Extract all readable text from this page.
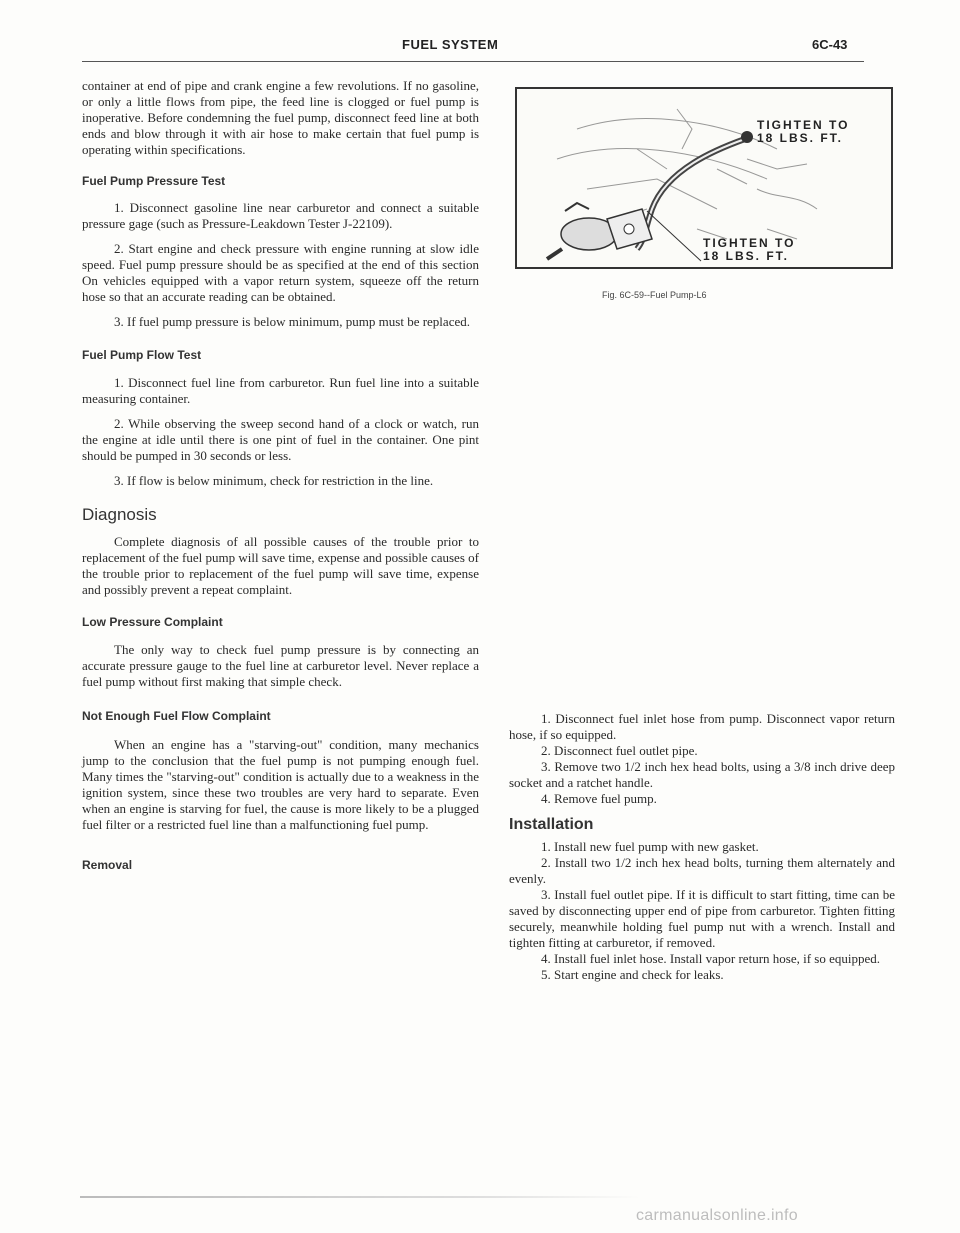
FUEL SYSTEM	6C-43

container at end of pipe and crank engine a few revolutions. If no gasoline, or only a little flows from pipe, the feed line is clogged or fuel pump is inoperative. Before condemning the fuel pump, disconnect feed line at both ends and blow through it with air hose to make certain that fuel pump is operating within specifications.

Fuel Pump Pressure Test

1. Disconnect gasoline line near carburetor and connect a suitable pressure gage (such as Pressure-Leakdown Tester J-22109).

2. Start engine and check pressure with engine running at slow idle speed. Fuel pump pressure should be as specified at the end of this section On vehicles equipped with a vapor return system, squeeze off the return hose so that an accurate reading can be obtained.

3. If fuel pump pressure is below minimum, pump must be replaced.

Fuel Pump Flow Test

1. Disconnect fuel line from carburetor. Run fuel line into a suitable measuring container.

2. While observing the sweep second hand of a clock or watch, run the engine at idle until there is one pint of fuel in the container. One pint should be pumped in 30 seconds or less.

3. If flow is below minimum, check for restriction in the line.

Diagnosis

Complete diagnosis of all possible causes of the trouble prior to replacement of the fuel pump will save time, expense and possible causes of the trouble prior to replacement of the fuel pump will save time, expense and possibly prevent a repeat complaint.

Low Pressure Complaint

The only way to check fuel pump pressure is by connecting an accurate pressure gauge to the fuel line at carburetor level. Never replace a fuel pump without first making that simple check.

Not Enough Fuel Flow Complaint

When an engine has a "starving-out" condition, many mechanics jump to the conclusion that the fuel pump is not pumping enough fuel. Many times the "starving-out" condition is actually due to a weakness in the ignition system, since these two troubles are very hard to separate. Even when an engine is starving for fuel, the cause is more likely to be a plugged fuel filter or a restricted fuel line than a malfunctioning fuel pump.

Removal
TIGHTEN TO
18 LBS. FT.
TIGHTEN TO
18 LBS. FT.
Fig. 6C-59--Fuel Pump-L6

1. Disconnect fuel inlet hose from pump. Disconnect vapor return hose, if so equipped.

2. Disconnect fuel outlet pipe.

3. Remove two 1/2 inch hex head bolts, using a 3/8 inch drive deep socket and a ratchet handle.

4. Remove fuel pump.

Installation

1. Install new fuel pump with new gasket.

2. Install two 1/2 inch hex head bolts, turning them alternately and evenly.

3. Install fuel outlet pipe. If it is difficult to start fitting, time can be saved by disconnecting upper end of pipe from carburetor. Tighten fitting securely, meanwhile holding fuel pump nut with a wrench. Install and tighten fitting at carburetor, if removed.

4. Install fuel inlet hose. Install vapor return hose, if so equipped.

5. Start engine and check for leaks.

carmanualsonline.info
